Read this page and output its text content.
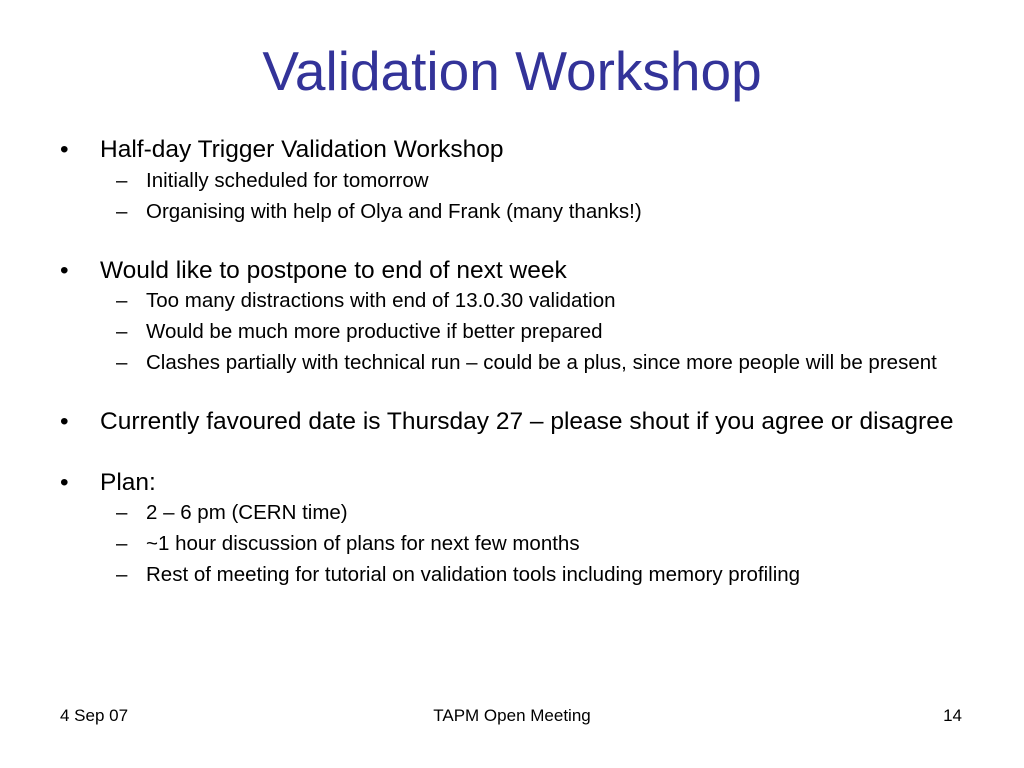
Validation Workshop
• Half-day Trigger Validation Workshop
– Initially scheduled for tomorrow
– Organising with help of Olya and Frank (many thanks!)
• Would like to postpone to end of next week
– Too many distractions with end of 13.0.30 validation
– Would be much more productive if better prepared
– Clashes partially with technical run – could be a plus, since more people will be present
• Currently favoured date is Thursday 27 – please shout if you agree or disagree
• Plan:
– 2 – 6 pm (CERN time)
– ~1 hour discussion of plans for next few months
– Rest of meeting for tutorial on validation tools including memory profiling
4 Sep 07	TAPM Open Meeting	14
